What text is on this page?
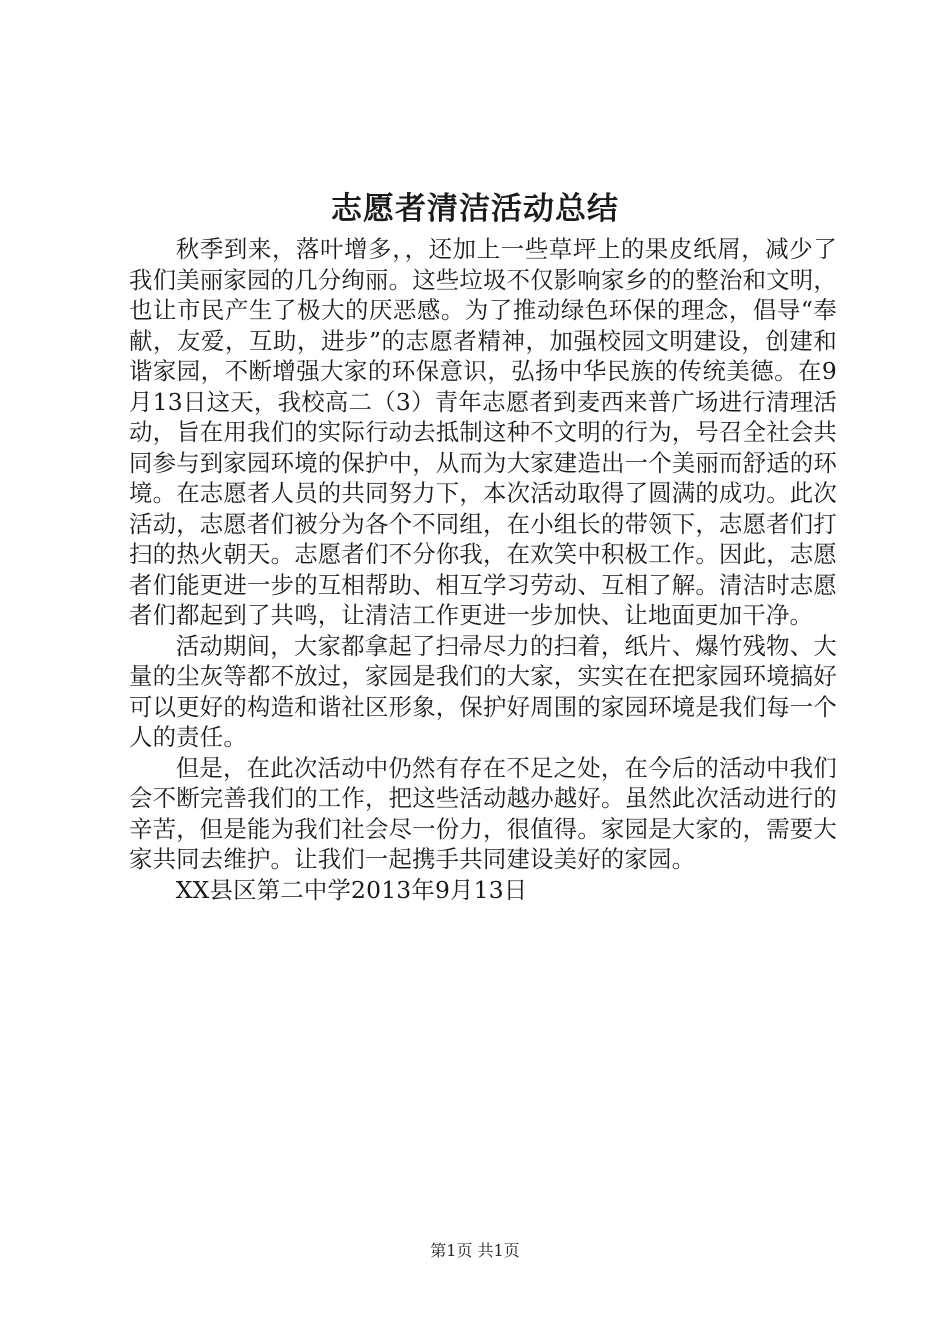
志愿者清洁活动总结

秋季到来，落叶增多，，还加上一些草坪上的果皮纸屑，减少了我们美丽家园的几分绚丽。这些垃圾不仅影响家乡的的整治和文明，也让市民产生了极大的厌恶感。为了推动绿色环保的理念，倡导“奉献，友爱，互助，进步”的志愿者精神，加强校园文明建设，创建和谐家园，不断增强大家的环保意识，弘扬中华民族的传统美德。在9月13日这天，我校高二（3）青年志愿者到麦西来普广场进行清理活动，旨在用我们的实际行动去抵制这种不文明的行为，号召全社会共同参与到家园环境的保护中，从而为大家建造出一个美丽而舒适的环境。在志愿者人员的共同努力下，本次活动取得了圆满的成功。此次活动，志愿者们被分为各个不同组，在小组长的带领下，志愿者们打扫的热火朝天。志愿者们不分你我，在欢笑中积极工作。因此，志愿者们能更进一步的互相帮助、相互学习劳动、互相了解。清洁时志愿者们都起到了共鸣，让清洁工作更进一步加快、让地面更加干净。

活动期间，大家都拿起了扫帚尽力的扫着，纸片、爆竹残物、大量的尘灰等都不放过，家园是我们的大家，实实在在把家园环境搞好可以更好的构造和谐社区形象，保护好周围的家园环境是我们每一个人的责任。

但是，在此次活动中仍然有存在不足之处，在今后的活动中我们会不断完善我们的工作，把这些活动越办越好。虽然此次活动进行的辛苦，但是能为我们社会尽一份力，很值得。家园是大家的，需要大家共同去维护。让我们一起携手共同建设美好的家园。

XX县区第二中学2013年9月13日

第1页 共1页
